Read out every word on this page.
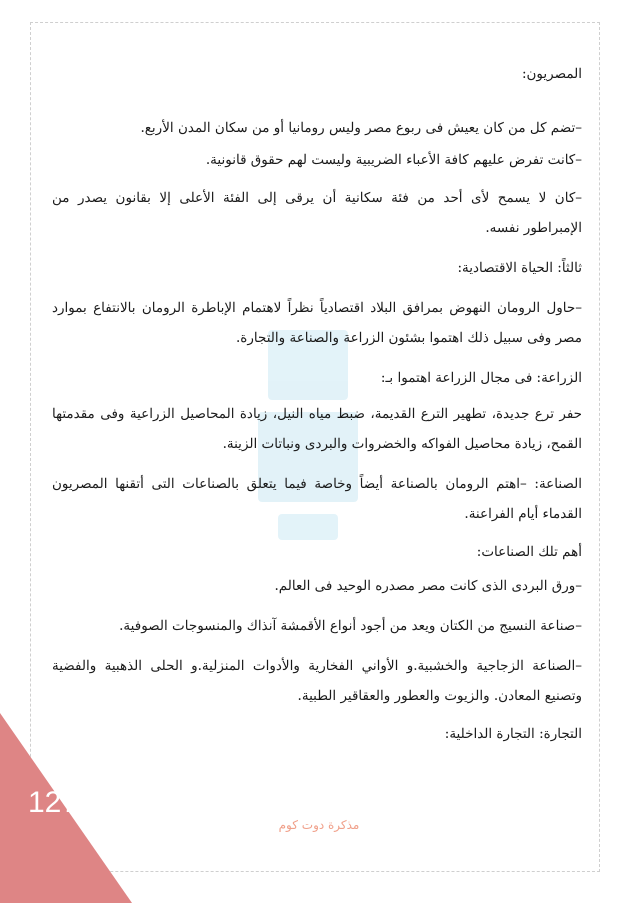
المصريون:
–تضم كل من كان يعيش فى ربوع مصر وليس رومانيا أو من سكان المدن الأربع.
–كانت تفرض عليهم كافة الأعباء الضريبية وليست لهم حقوق قانونية.
–كان لا يسمح لأى أحد من فئة سكانية أن يرقى إلى الفئة الأعلى إلا بقانون يصدر من
الإمبراطور نفسه.
ثالثاً: الحياة الاقتصادية:
–حاول الرومان النهوض بمرافق البلاد اقتصادياً نظراً لاهتمام الإباطرة الرومان بالانتفاع بموارد
مصر وفى سبيل ذلك اهتموا بشئون الزراعة والصناعة والتجارة.
الزراعة: فى مجال الزراعة اهتموا بـ:
حفر ترع جديدة، تطهير الترع القديمة، ضبط مياه النيل، زيادة المحاصيل الزراعية وفى مقدمتها
القمح، زيادة محاصيل الفواكه والخضروات والبردى ونباتات الزينة.
الصناعة: –اهتم الرومان بالصناعة أيضاً وخاصة فيما يتعلق بالصناعات التى أتقنها المصريون
القدماء أيام الفراعنة.
أهم تلك الصناعات:
–ورق البردى الذى كانت مصر مصدره الوحيد فى العالم.
–صناعة النسيج من الكتان ويعد من أجود أنواع الأقمشة آنذاك والمنسوجات الصوفية.
–الصناعة الزجاجية والخشبية.و الأواني الفخارية والأدوات المنزلية.و الحلى الذهبية والفضية
وتصنيع المعادن. والزيوت والعطور والعقاقير الطبية.
التجارة: التجارة الداخلية:
127
مذكرة دوت كوم
